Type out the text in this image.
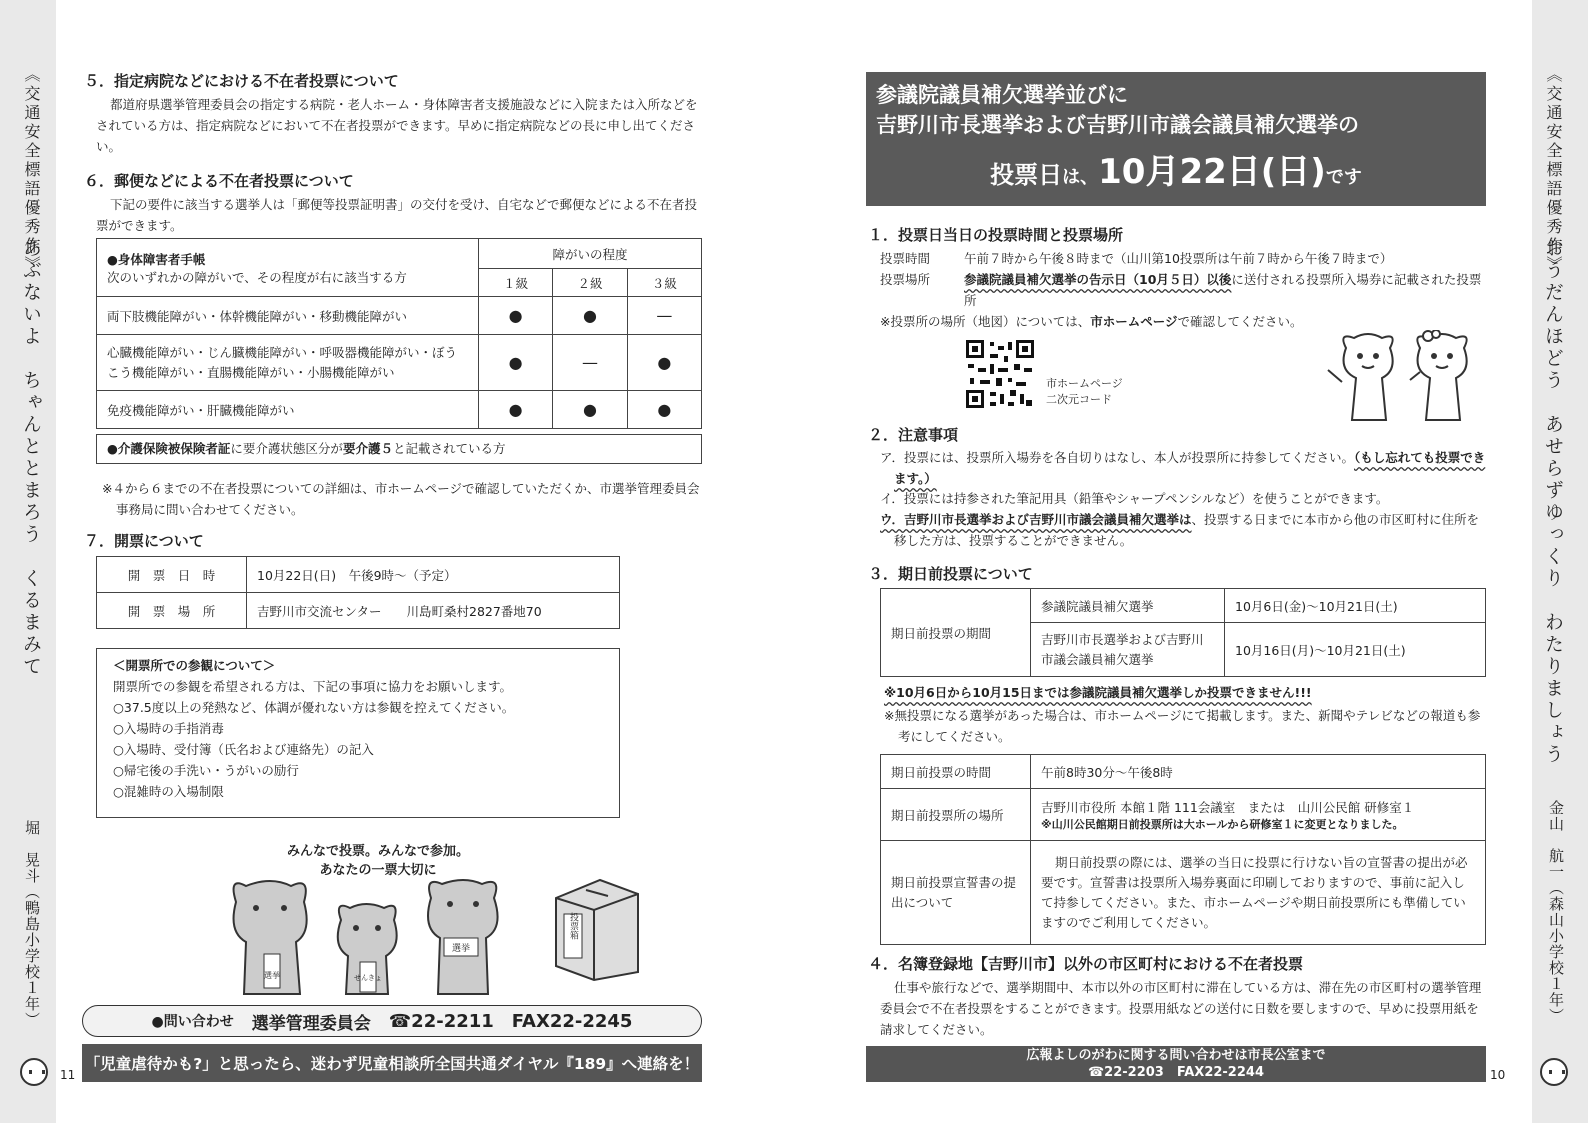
《交通安全標語優秀作》
あぶないよ　ちゃんととまろう　くるまみて
堀　晃斗（鴨島小学校１年）
《交通安全標語優秀作》
おうだんほどう　あせらずゆっくり　わたりましょう
金山　航一（森山小学校１年）
５．指定病院などにおける不在者投票について
都道府県選挙管理委員会の指定する病院・老人ホーム・身体障害者支援施設などに入院または入所などをされている方は、指定病院などにおいて不在者投票ができます。早めに指定病院などの長に申し出てください。
６．郵便などによる不在者投票について
下記の要件に該当する選挙人は「郵便等投票証明書」の交付を受け、自宅などで郵便などによる不在者投票ができます。
●身体障害者手帳
次のいずれかの障がいで、その程度が右に該当する方	障がいの程度		
	１級	２級	３級
両下肢機能障がい・体幹機能障がい・移動機能障がい	●	●	—
心臓機能障がい・じん臓機能障がい・呼吸器機能障がい・ぼうこう機能障がい・直腸機能障がい・小腸機能障がい	●	—	●
免疫機能障がい・肝臓機能障がい	●	●	●
●介護保険被保険者証に要介護状態区分が要介護５と記載されている方
※４から６までの不在者投票についての詳細は、市ホームページで確認していただくか、市選挙管理委員会事務局に問い合わせてください。
７．開票について
開　票　日　時	10月22日(日)　午後9時〜（予定）
開　票　場　所	吉野川市交流センター　　川島町桑村2827番地70
＜開票所での参観について＞
開票所での参観を希望される方は、下記の事項に協力をお願いします。
○37.5度以上の発熱など、体調が優れない方は参観を控えてください。
○入場時の手指消毒
○入場時、受付簿（氏名および連絡先）の記入
○帰宅後の手洗い・うがいの励行
○混雑時の入場制限
みんなで投票。みんなで参加。
あなたの一票大切に
選挙	せんきょ
選挙
投票箱
●問い合わせ 選挙管理委員会 ☎22-2211 FAX22-2245
「児童虐待かも?」と思ったら、迷わず児童相談所全国共通ダイヤル『189』へ連絡を！
11
参議院議員補欠選挙並びに
吉野川市長選挙および吉野川市議会議員補欠選挙の
投票日は、10月22日(日)です
１．投票日当日の投票時間と投票場所
投票時間	午前７時から午後８時まで（山川第10投票所は午前７時から午後７時まで）
投票場所	参議院議員補欠選挙の告示日（10月５日）以後に送付される投票所入場券に記載された投票所
※投票所の場所（地図）については、市ホームページで確認してください。
市ホームページ
二次元コード
２．注意事項
ア．投票には、投票所入場券を各自切りはなし、本人が投票所に持参してください。（もし忘れても投票できます。）
イ．投票には持参された筆記用具（鉛筆やシャープペンシルなど）を使うことができます。
ウ．吉野川市長選挙および吉野川市議会議員補欠選挙は、投票する日までに本市から他の市区町村に住所を移した方は、投票することができません。
３．期日前投票について
期日前投票の期間	参議院議員補欠選挙	10月6日(金)〜10月21日(土)
	吉野川市長選挙および吉野川市議会議員補欠選挙	10月16日(月)〜10月21日(土)
※10月6日から10月15日までは参議院議員補欠選挙しか投票できません!!!
※無投票になる選挙があった場合は、市ホームページにて掲載します。また、新聞やテレビなどの報道も参考にしてください。
期日前投票の時間	午前8時30分〜午後8時
期日前投票所の場所	吉野川市役所 本館１階 111会議室　または　山川公民館 研修室１
※山川公民館期日前投票所は大ホールから研修室１に変更となりました。

期日前投票宣誓書の提出について	期日前投票の際には、選挙の当日に投票に行けない旨の宣誓書の提出が必要です。宣誓書は投票所入場券裏面に印刷しておりますので、事前に記入して持参してください。また、市ホームページや期日前投票所にも準備していますのでご利用してください。
４．名簿登録地【吉野川市】以外の市区町村における不在者投票
仕事や旅行などで、選挙期間中、本市以外の市区町村に滞在している方は、滞在先の市区町村の選挙管理委員会で不在者投票をすることができます。投票用紙などの送付に日数を要しますので、早めに投票用紙を請求してください。
広報よしのがわに関する問い合わせは市長公室まで
☎22-2203　FAX22-2244	10
